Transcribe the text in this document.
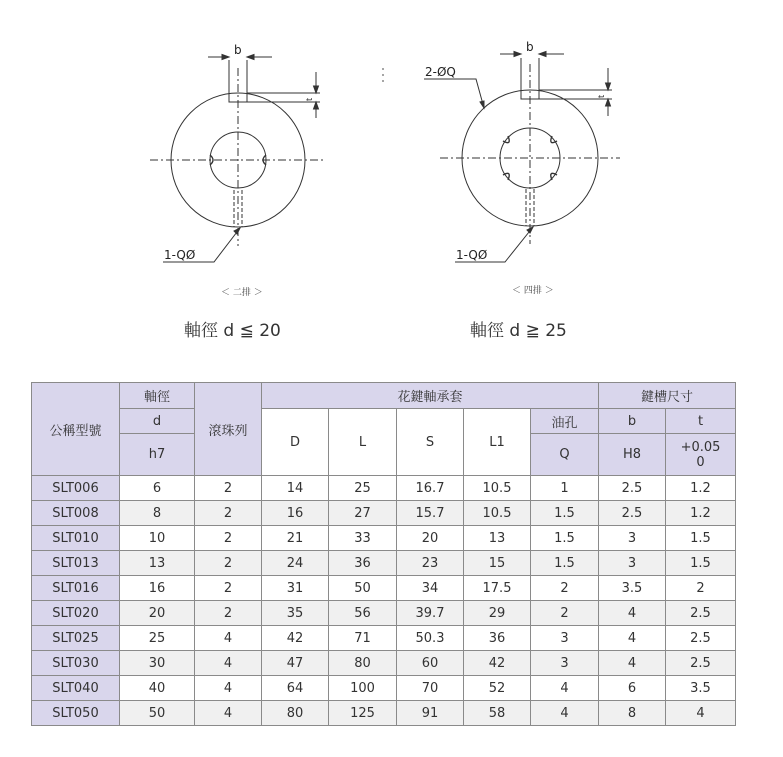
b
t
1-QØ
b
t
2-ØQ
1-QØ
＜ 二排 ＞
軸徑 d ≦ 20
＜ 四排 ＞
軸徑 d ≧ 25
公稱型號	軸徑	滾珠列	花鍵軸承套					鍵槽尺寸	
	d		D	L	S	L1	油孔	b	t
	h7						Q	H8	+0.05
0
SLT006	6	2	14	25	16.7	10.5	1	2.5	1.2
SLT008	8	2	16	27	15.7	10.5	1.5	2.5	1.2
SLT010	10	2	21	33	20	13	1.5	3	1.5
SLT013	13	2	24	36	23	15	1.5	3	1.5
SLT016	16	2	31	50	34	17.5	2	3.5	2
SLT020	20	2	35	56	39.7	29	2	4	2.5
SLT025	25	4	42	71	50.3	36	3	4	2.5
SLT030	30	4	47	80	60	42	3	4	2.5
SLT040	40	4	64	100	70	52	4	6	3.5
SLT050	50	4	80	125	91	58	4	8	4
